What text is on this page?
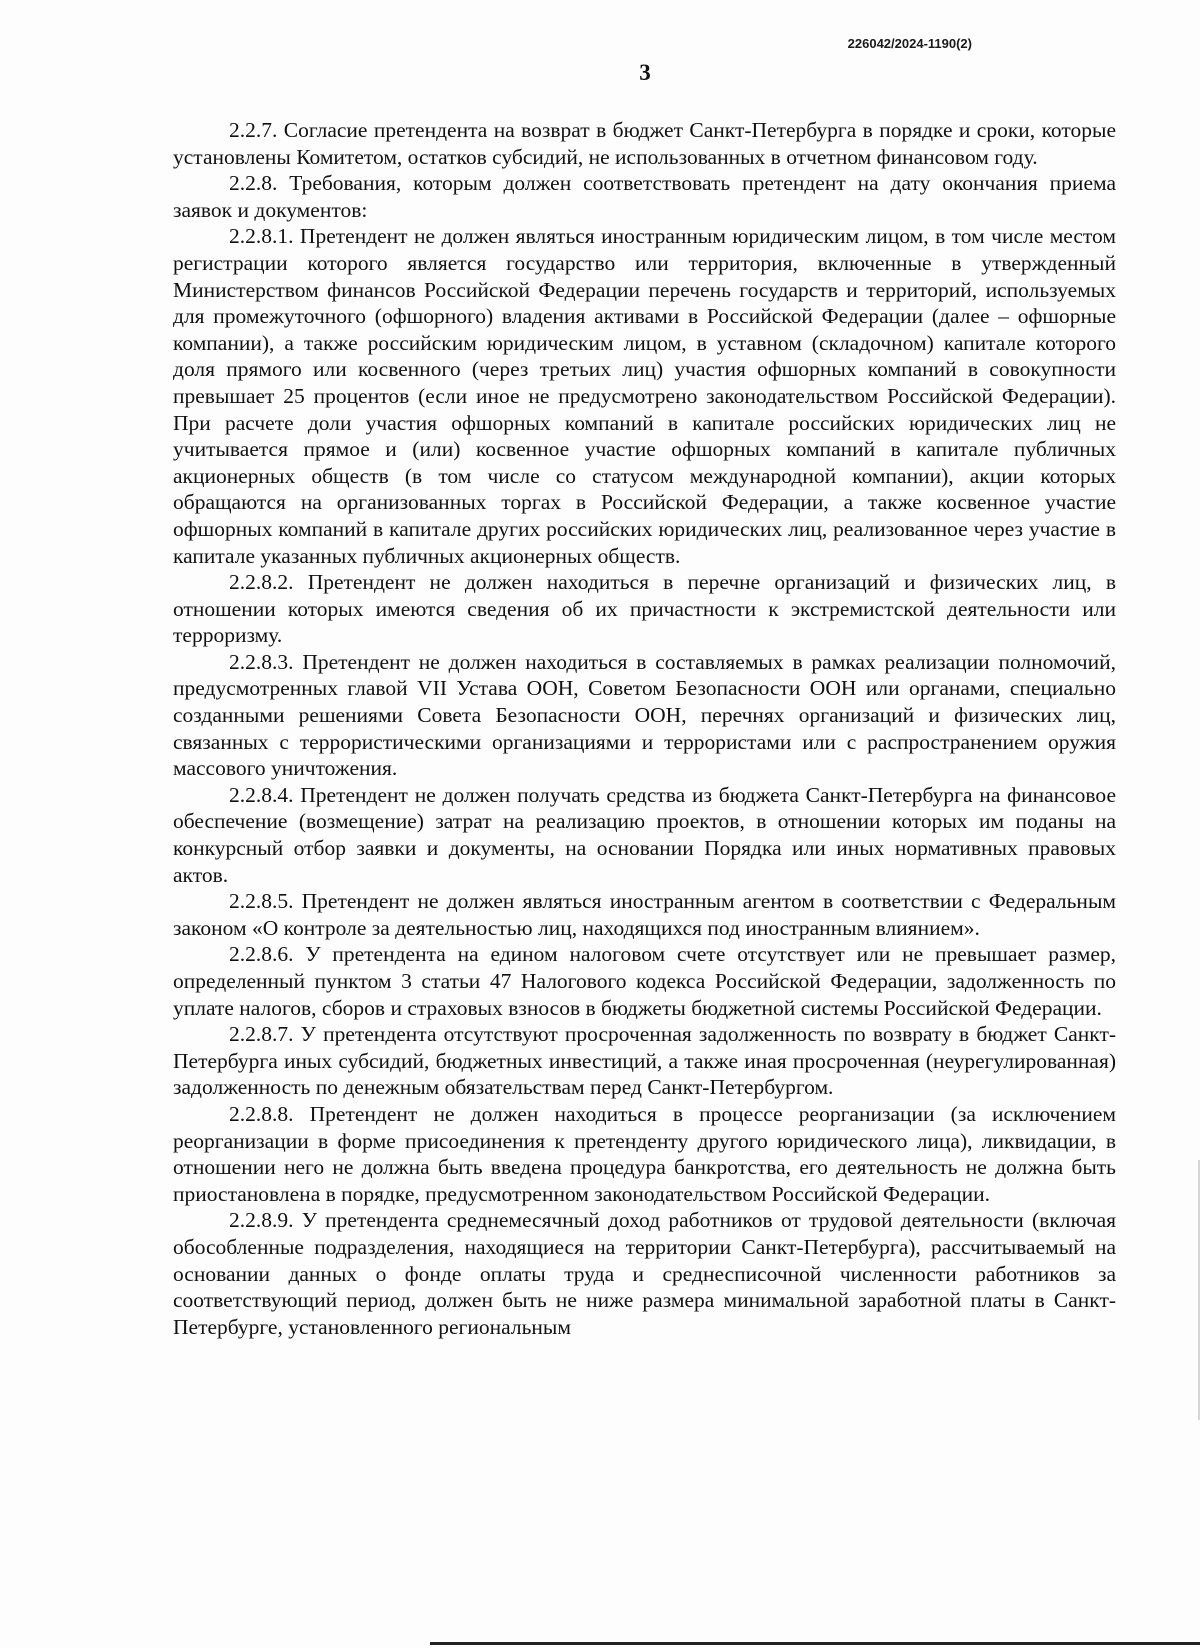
226042/2024-1190(2)
3

2.2.7. Согласие претендента на возврат в бюджет Санкт-Петербурга в порядке и сроки, которые установлены Комитетом, остатков субсидий, не использованных в отчетном финансовом году.

2.2.8. Требования, которым должен соответствовать претендент на дату окончания приема заявок и документов:

2.2.8.1. Претендент не должен являться иностранным юридическим лицом, в том числе местом регистрации которого является государство или территория, включенные в утвержденный Министерством финансов Российской Федерации перечень государств и территорий, используемых для промежуточного (офшорного) владения активами в Российской Федерации (далее – офшорные компании), а также российским юридическим лицом, в уставном (складочном) капитале которого доля прямого или косвенного (через третьих лиц) участия офшорных компаний в совокупности превышает 25 процентов (если иное не предусмотрено законодательством Российской Федерации). При расчете доли участия офшорных компаний в капитале российских юридических лиц не учитывается прямое и (или) косвенное участие офшорных компаний в капитале публичных акционерных обществ (в том числе со статусом международной компании), акции которых обращаются на организованных торгах в Российской Федерации, а также косвенное участие офшорных компаний в капитале других российских юридических лиц, реализованное через участие в капитале указанных публичных акционерных обществ.

2.2.8.2. Претендент не должен находиться в перечне организаций и физических лиц, в отношении которых имеются сведения об их причастности к экстремистской деятельности или терроризму.

2.2.8.3. Претендент не должен находиться в составляемых в рамках реализации полномочий, предусмотренных главой VII Устава ООН, Советом Безопасности ООН или органами, специально созданными решениями Совета Безопасности ООН, перечнях организаций и физических лиц, связанных с террористическими организациями и террористами или с распространением оружия массового уничтожения.

2.2.8.4. Претендент не должен получать средства из бюджета Санкт-Петербурга на финансовое обеспечение (возмещение) затрат на реализацию проектов, в отношении которых им поданы на конкурсный отбор заявки и документы, на основании Порядка или иных нормативных правовых актов.

2.2.8.5. Претендент не должен являться иностранным агентом в соответствии с Федеральным законом «О контроле за деятельностью лиц, находящихся под иностранным влиянием».

2.2.8.6. У претендента на едином налоговом счете отсутствует или не превышает размер, определенный пунктом 3 статьи 47 Налогового кодекса Российской Федерации, задолженность по уплате налогов, сборов и страховых взносов в бюджеты бюджетной системы Российской Федерации.

2.2.8.7. У претендента отсутствуют просроченная задолженность по возврату в бюджет Санкт-Петербурга иных субсидий, бюджетных инвестиций, а также иная просроченная (неурегулированная) задолженность по денежным обязательствам перед Санкт-Петербургом.

2.2.8.8. Претендент не должен находиться в процессе реорганизации (за исключением реорганизации в форме присоединения к претенденту другого юридического лица), ликвидации, в отношении него не должна быть введена процедура банкротства, его деятельность не должна быть приостановлена в порядке, предусмотренном законодательством Российской Федерации.

2.2.8.9. У претендента среднемесячный доход работников от трудовой деятельности (включая обособленные подразделения, находящиеся на территории Санкт-Петербурга), рассчитываемый на основании данных о фонде оплаты труда и среднесписочной численности работников за соответствующий период, должен быть не ниже размера минимальной заработной платы в Санкт-Петербурге, установленного региональным
